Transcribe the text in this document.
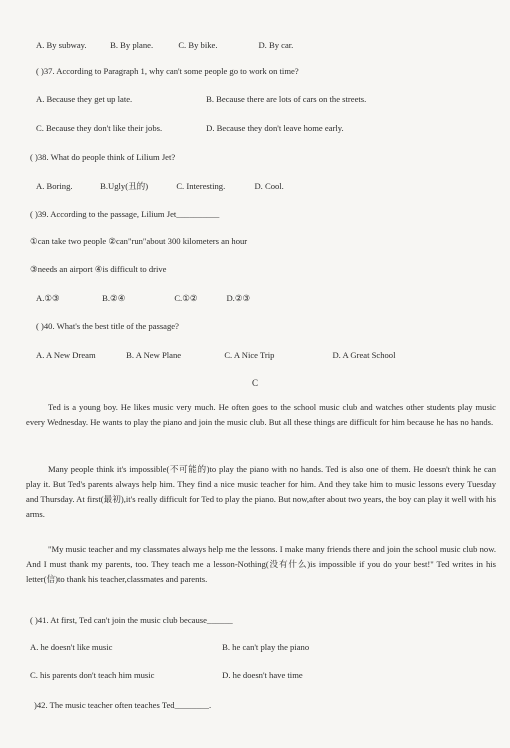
A. By subway.	B. By plane.	C. By bike.	D. By car.
( )37. According to Paragraph 1, why can't some people go to work on time?
A. Because they get up late.	B. Because there are lots of cars on the streets.
C. Because they don't like their jobs.	D. Because they don't leave home early.
( )38. What do people think of Lilium Jet?
A. Boring.	B.Ugly(丑的)	C. Interesting.	D. Cool.
( )39. According to the passage, Lilium Jet__________
①can take two people ②can"run"about 300 kilometers an hour
③needs an airport ④is difficult to drive
A.①③	B.②④	C.①②	D.②③
( )40. What's the best title of the passage?
A. A New Dream	B. A New Plane	C. A Nice Trip	D. A Great School
C
Ted is a young boy. He likes music very much. He often goes to the school music club and watches other students play music every Wednesday. He wants to play the piano and join the music club. But all these things are difficult for him because he has no hands.
Many people think it's impossible(不可能的)to play the piano with no hands. Ted is also one of them. He doesn't think he can play it. But Ted's parents always help him. They find a nice music teacher for him. And they take him to music lessons every Tuesday and Thursday. At first(最初),it's really difficult for Ted to play the piano. But now,after about two years, the boy can play it well with his arms.
"My music teacher and my classmates always help me the lessons. I make many friends there and join the school music club now. And I must thank my parents, too. They teach me a lesson-Nothing(没有什么)is impossible if you do your best!" Ted writes in his letter(信)to thank his teacher,classmates and parents.
( )41. At first, Ted can't join the music club because______
A. he doesn't like music	B. he can't play the piano
C. his parents don't teach him music	D. he doesn't have time
)42. The music teacher often teaches Ted________.
